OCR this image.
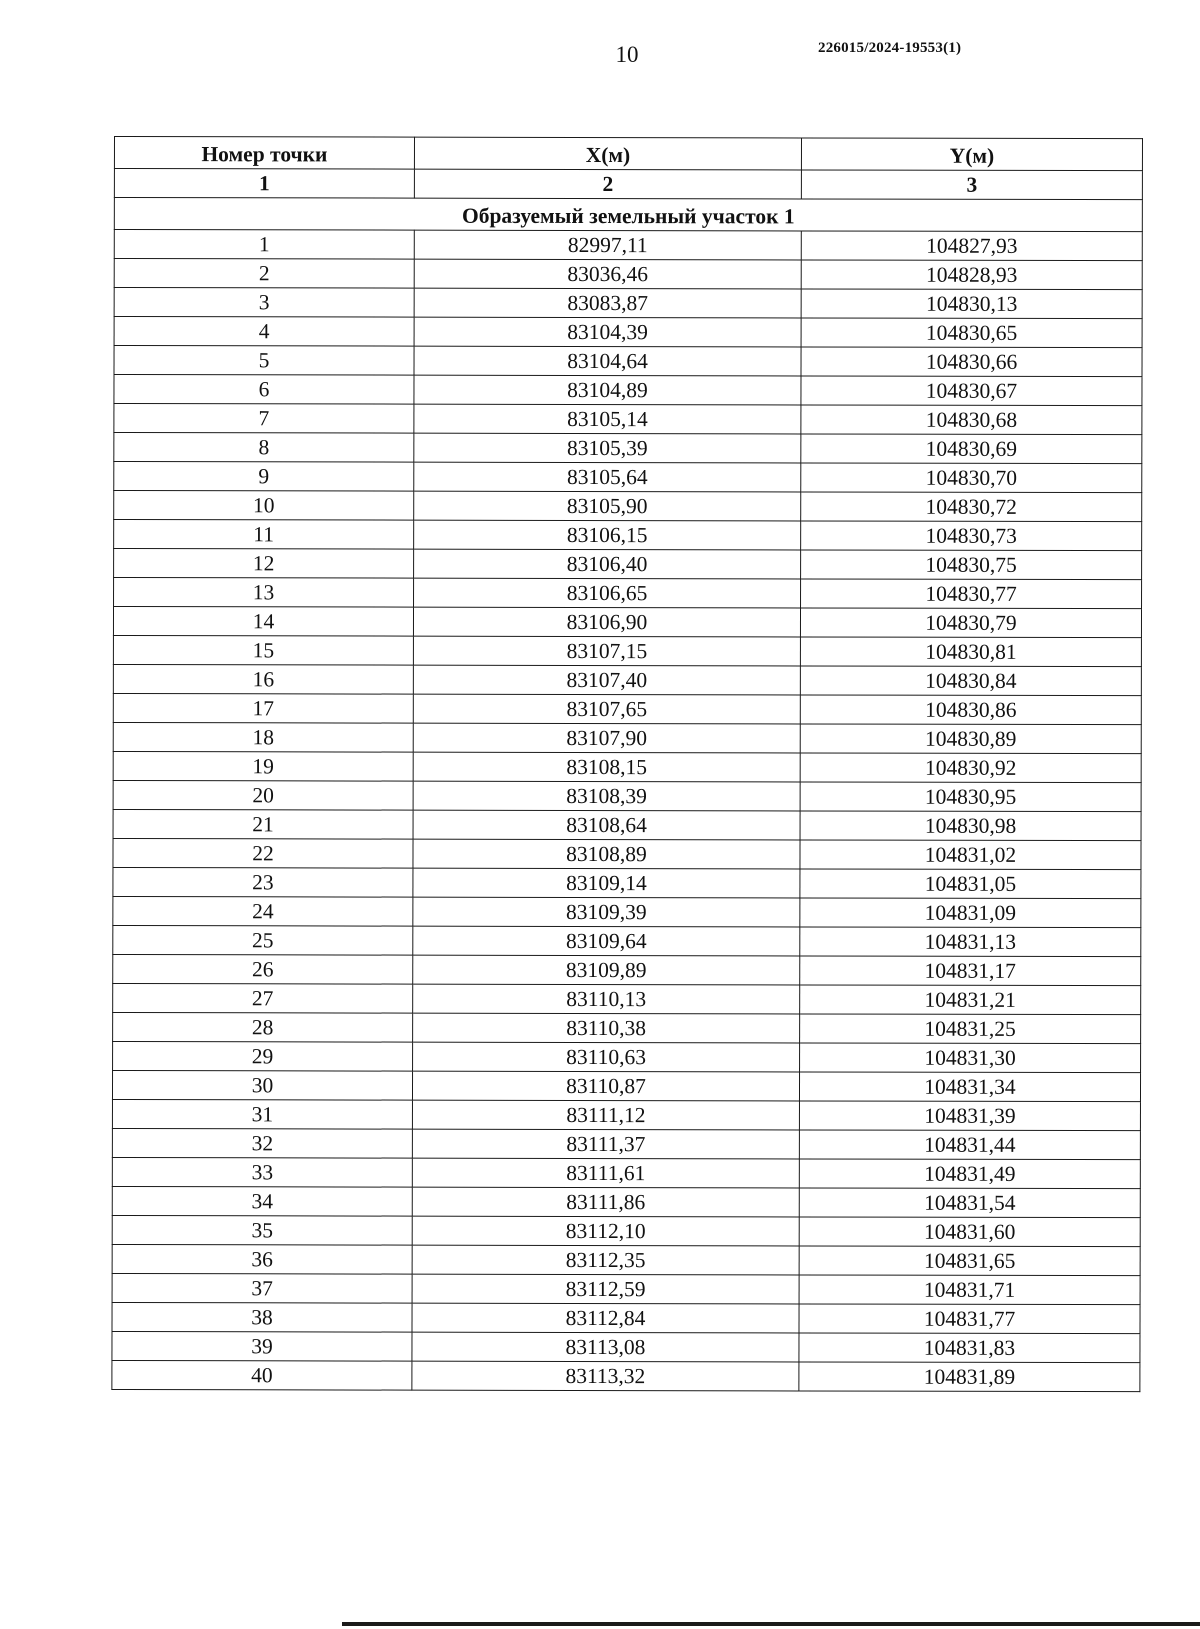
10	226015/2024-19553(1)
Номер точки	X(м)	Y(м)
1	2	3
Образуемый земельный участок 1		
1	82997,11	104827,93
2	83036,46	104828,93
3	83083,87	104830,13
4	83104,39	104830,65
5	83104,64	104830,66
6	83104,89	104830,67
7	83105,14	104830,68
8	83105,39	104830,69
9	83105,64	104830,70
10	83105,90	104830,72
11	83106,15	104830,73
12	83106,40	104830,75
13	83106,65	104830,77
14	83106,90	104830,79
15	83107,15	104830,81
16	83107,40	104830,84
17	83107,65	104830,86
18	83107,90	104830,89
19	83108,15	104830,92
20	83108,39	104830,95
21	83108,64	104830,98
22	83108,89	104831,02
23	83109,14	104831,05
24	83109,39	104831,09
25	83109,64	104831,13
26	83109,89	104831,17
27	83110,13	104831,21
28	83110,38	104831,25
29	83110,63	104831,30
30	83110,87	104831,34
31	83111,12	104831,39
32	83111,37	104831,44
33	83111,61	104831,49
34	83111,86	104831,54
35	83112,10	104831,60
36	83112,35	104831,65
37	83112,59	104831,71
38	83112,84	104831,77
39	83113,08	104831,83
40	83113,32	104831,89
